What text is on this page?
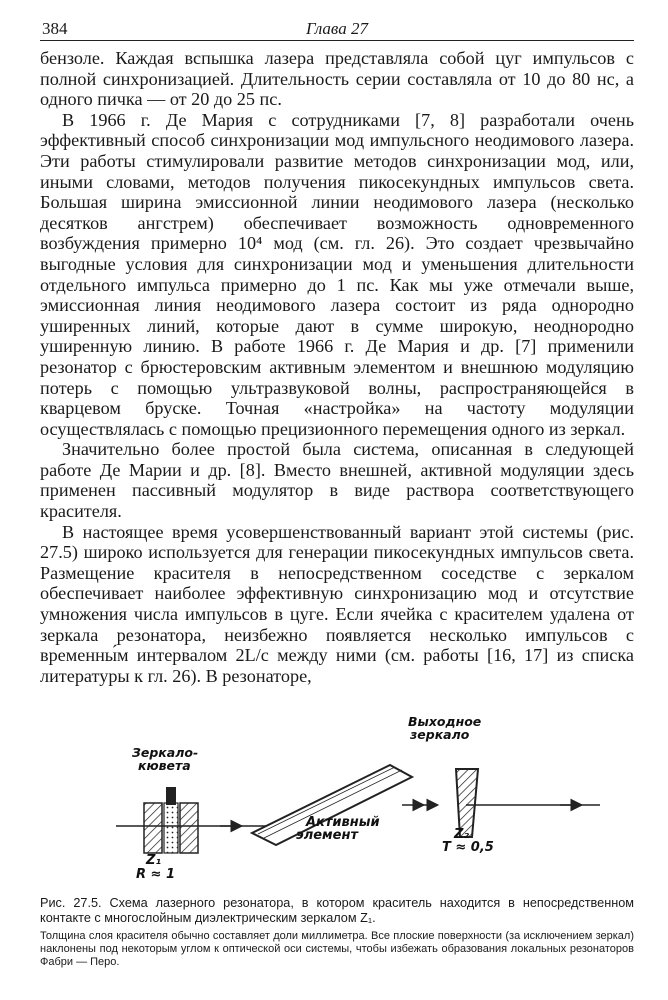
384	Глава 27

бензоле. Каждая вспышка лазера представляла собой цуг импульсов с полной синхронизацией. Длительность серии составляла от 10 до 80 нс, а одного пичка — от 20 до 25 пс.

В 1966 г. Де Мария с сотрудниками [7, 8] разработали очень эффективный способ синхронизации мод импульсного неодимового лазера. Эти работы стимулировали развитие методов синхронизации мод, или, иными словами, методов получения пикосекундных импульсов света. Большая ширина эмиссионной линии неодимового лазера (несколько десятков ангстрем) обеспечивает возможность одновременного возбуждения примерно 10⁴ мод (см. гл. 26). Это создает чрезвычайно выгодные условия для синхронизации мод и уменьшения длительности отдельного импульса примерно до 1 пс. Как мы уже отмечали выше, эмиссионная линия неодимового лазера состоит из ряда однородно уширенных линий, которые дают в сумме широкую, неоднородно уширенную линию. В работе 1966 г. Де Мария и др. [7] применили резонатор с брюстеровским активным элементом и внешнюю модуляцию потерь с помощью ультразвуковой волны, распространяющейся в кварцевом бруске. Точная «настройка» на частоту модуляции осуществлялась с помощью прецизионного перемещения одного из зеркал.

Значительно более простой была система, описанная в следующей работе Де Марии и др. [8]. Вместо внешней, активной модуляции здесь применен пассивный модулятор в виде раствора соответствующего красителя.

В настоящее время усовершенствованный вариант этой системы (рис. 27.5) широко используется для генерации пикосекундных импульсов света. Размещение красителя в непосредственном соседстве с зеркалом обеспечивает наиболее эффективную синхронизацию мод и отсутствие умножения числа импульсов в цуге. Если ячейка с красителем удалена от зеркала резонатора, неизбежно появляется несколько импульсов с временны́м интервалом 2L/c между ними (см. работы [16, 17] из списка литературы к гл. 26). В резонаторе,

Выходное
зеркало
Зеркало-
кювета
Активный
элемент	Z₂
T ≈ 0,5
Z₁
R ≈ 1
Рис. 27.5. Схема лазерного резонатора, в котором краситель находится в непосредственном контакте с многослойным диэлектрическим зеркалом Z₁.
Толщина слоя красителя обычно составляет доли миллиметра. Все плоские поверхности (за исключением зеркал) наклонены под некоторым углом к оптической оси системы, чтобы избежать образования локальных резонаторов Фабри — Перо.
